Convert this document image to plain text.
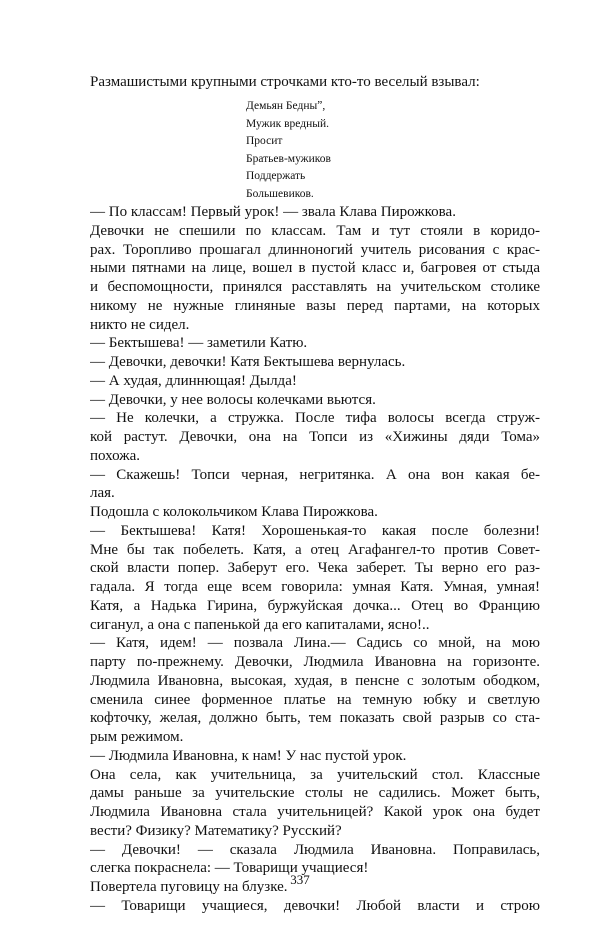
Размашистыми крупными строчками кто-то веселый взывал:
Демьян Бедныˮ,
Мужик вредный.
Просит
Братьев-мужиков
Поддержать
Большевиков.
— По классам! Первый урок! — звала Клава Пирожкова.
Девочки не спешили по классам. Там и тут стояли в коридо-
рах. Торопливо прошагал длинноногий учитель рисования с крас-
ными пятнами на лице, вошел в пустой класс и, багровея от стыда
и беспомощности, принялся расставлять на учительском столике
никому не нужные глиняные вазы перед партами, на которых
никто не сидел.
— Бектышева! — заметили Катю.
— Девочки, девочки! Катя Бектышева вернулась.
— А худая, длиннющая! Дылда!
— Девочки, у нее волосы колечками вьются.
— Не колечки, а стружка. После тифа волосы всегда струж-
кой растут. Девочки, она на Топси из «Хижины дяди Тома»
похожа.
— Скажешь! Топси черная, негритянка. А она вон какая бе-
лая.
Подошла с колокольчиком Клава Пирожкова.
— Бектышева! Катя! Хорошенькая-то какая после болезни!
Мне бы так побелеть. Катя, а отец Агафангел-то против Совет-
ской власти попер. Заберут его. Чека заберет. Ты верно его раз-
гадала. Я тогда еще всем говорила: умная Катя. Умная, умная!
Катя, а Надька Гирина, буржуйская дочка... Отец во Францию
сиганул, а она с папенькой да его капиталами, ясно!..
— Катя, идем! — позвала Лина.— Садись со мной, на мою
парту по-прежнему. Девочки, Людмила Ивановна на горизонте.
Людмила Ивановна, высокая, худая, в пенсне с золотым ободком,
сменила синее форменное платье на темную юбку и светлую
кофточку, желая, должно быть, тем показать свой разрыв со ста-
рым режимом.
— Людмила Ивановна, к нам! У нас пустой урок.
Она села, как учительница, за учительский стол. Классные
дамы раньше за учительские столы не садились. Может быть,
Людмила Ивановна стала учительницей? Какой урок она будет
вести? Физику? Математику? Русский?
— Девочки! — сказала Людмила Ивановна. Поправилась,
слегка покраснела: — Товарищи учащиеся!
Повертела пуговицу на блузке.
— Товарищи учащиеся, девочки! Любой власти и строю
337
